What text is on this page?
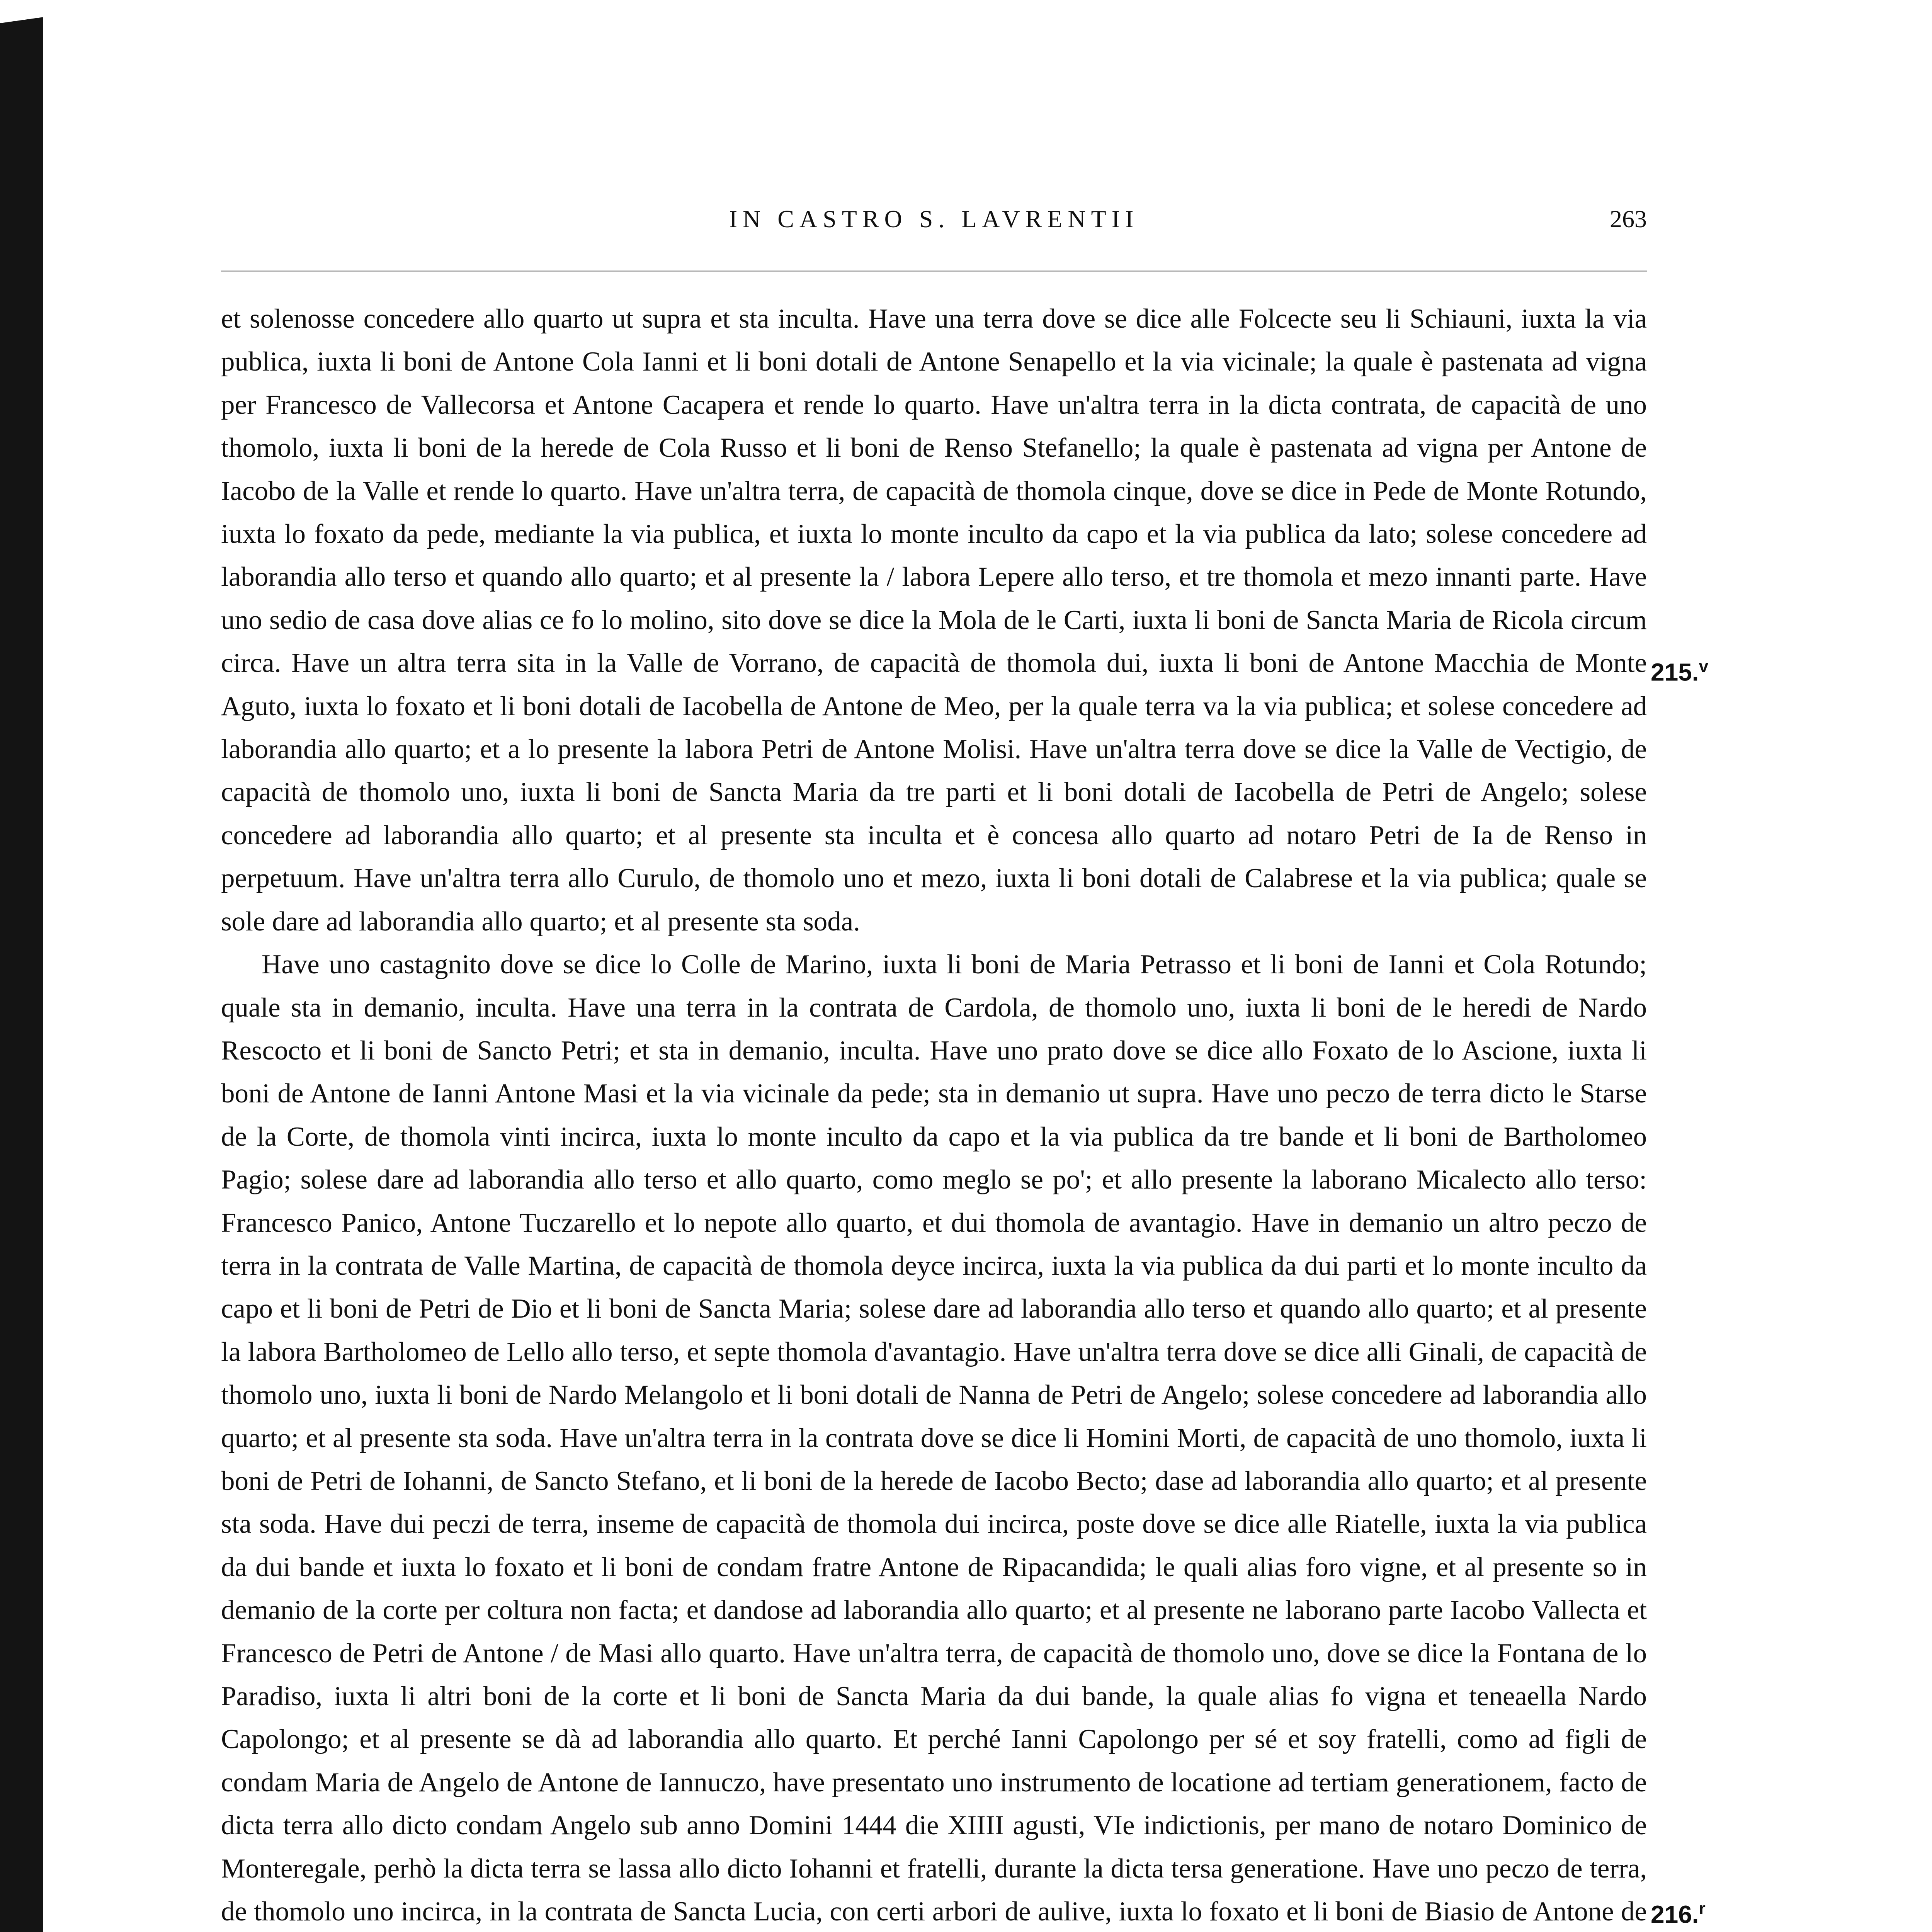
IN CASTRO S. LAVRENTII	263

et solenosse concedere allo quarto ut supra et sta inculta. Have una terra dove se dice alle Folcecte seu li Schiauni, iuxta la via publica, iuxta li boni de Antone Cola Ianni et li boni dotali de Antone Senapello et la via vicinale; la quale è pastenata ad vigna per Francesco de Vallecorsa et Antone Cacapera et rende lo quarto. Have un'altra terra in la dicta contrata, de capacità de uno thomolo, iuxta li boni de la herede de Cola Russo et li boni de Renso Stefanello; la quale è pastenata ad vigna per Antone de Iacobo de la Valle et rende lo quarto. Have un'altra terra, de capacità de thomola cinque, dove se dice in Pede de Monte Rotundo, iuxta lo foxato da pede, mediante la via publica, et iuxta lo monte inculto da capo et la via publica da lato; solese concedere ad laborandia allo terso et quando allo quarto; et al presente la / labora Lepere allo terso, et tre thomola et mezo innanti parte. Have uno sedio de casa dove alias ce fo lo molino, sito dove se dice la Mola de le Carti, iuxta li boni de Sancta Maria de Ricola circum circa. Have un altra terra sita in la Valle de Vorrano, de capacità de thomola dui, iuxta li boni de Antone Macchia de Monte Aguto, iuxta lo foxato et li boni dotali de Iacobella de Antone de Meo, per la quale terra va la via publica; et solese concedere ad laborandia allo quarto; et a lo presente la labora Petri de Antone Molisi. Have un'altra terra dove se dice la Valle de Vectigio, de capacità de thomolo uno, iuxta li boni de Sancta Maria da tre parti et li boni dotali de Iacobella de Petri de Angelo; solese concedere ad laborandia allo quarto; et al presente sta inculta et è concesa allo quarto ad notaro Petri de Ia de Renso in perpetuum. Have un'altra terra allo Curulo, de thomolo uno et mezo, iuxta li boni dotali de Calabrese et la via publica; quale se sole dare ad laborandia allo quarto; et al presente sta soda.

Have uno castagnito dove se dice lo Colle de Marino, iuxta li boni de Maria Petrasso et li boni de Ianni et Cola Rotundo; quale sta in demanio, inculta. Have una terra in la contrata de Cardola, de thomolo uno, iuxta li boni de le heredi de Nardo Rescocto et li boni de Sancto Petri; et sta in demanio, inculta. Have uno prato dove se dice allo Foxato de lo Ascione, iuxta li boni de Antone de Ianni Antone Masi et la via vicinale da pede; sta in demanio ut supra. Have uno peczo de terra dicto le Starse de la Corte, de thomola vinti incirca, iuxta lo monte inculto da capo et la via publica da tre bande et li boni de Bartholomeo Pagio; solese dare ad laborandia allo terso et allo quarto, como meglo se po'; et allo presente la laborano Micalecto allo terso: Francesco Panico, Antone Tuczarello et lo nepote allo quarto, et dui thomola de avantagio. Have in demanio un altro peczo de terra in la contrata de Valle Martina, de capacità de thomola deyce incirca, iuxta la via publica da dui parti et lo monte inculto da capo et li boni de Petri de Dio et li boni de Sancta Maria; solese dare ad laborandia allo terso et quando allo quarto; et al presente la labora Bartholomeo de Lello allo terso, et septe thomola d'avantagio. Have un'altra terra dove se dice alli Ginali, de capacità de thomolo uno, iuxta li boni de Nardo Melangolo et li boni dotali de Nanna de Petri de Angelo; solese concedere ad laborandia allo quarto; et al presente sta soda. Have un'altra terra in la contrata dove se dice li Homini Morti, de capacità de uno thomolo, iuxta li boni de Petri de Iohanni, de Sancto Stefano, et li boni de la herede de Iacobo Becto; dase ad laborandia allo quarto; et al presente sta soda. Have dui peczi de terra, inseme de capacità de thomola dui incirca, poste dove se dice alle Riatelle, iuxta la via publica da dui bande et iuxta lo foxato et li boni de condam fratre Antone de Ripacandida; le quali alias foro vigne, et al presente so in demanio de la corte per coltura non facta; et dandose ad laborandia allo quarto; et al presente ne laborano parte Iacobo Vallecta et Francesco de Petri de Antone / de Masi allo quarto. Have un'altra terra, de capacità de thomolo uno, dove se dice la Fontana de lo Paradiso, iuxta li altri boni de la corte et li boni de Sancta Maria da dui bande, la quale alias fo vigna et teneaella Nardo Capolongo; et al presente se dà ad laborandia allo quarto. Et perché Ianni Capolongo per sé et soy fratelli, como ad figli de condam Maria de Angelo de Antone de Iannuczo, have presentato uno instrumento de locatione ad tertiam generationem, facto de dicta terra allo dicto condam Angelo sub anno Domini 1444 die XIIII agusti, VIe indictionis, per mano de notaro Dominico de Monteregale, perhò la dicta terra se lassa allo dicto Iohanni et fratelli, durante la dicta tersa generatione. Have uno peczo de terra, de thomolo uno incirca, in la contrata de Sancta Lucia, con certi arbori de aulive, iuxta lo foxato et li boni de Biasio de Antone de

215.$^v$
216.$^r$
